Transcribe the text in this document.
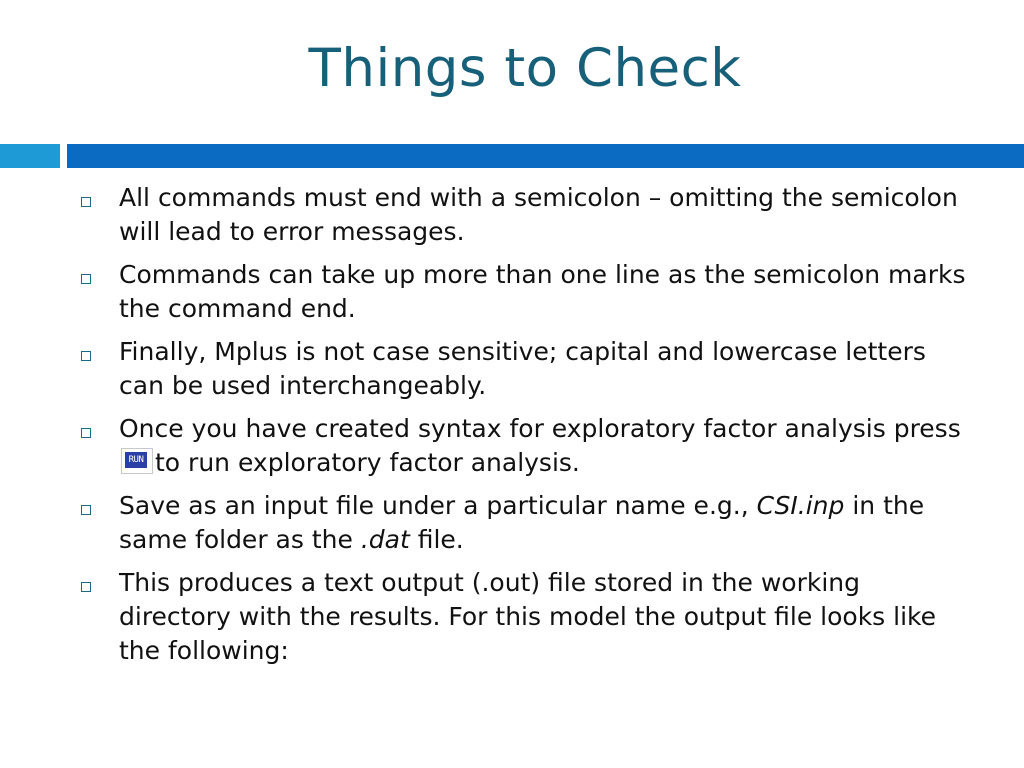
Things to Check
All commands must end with a semicolon – omitting the semicolon will lead to error messages.
Commands can take up more than one line as the semicolon marks the command end.
Finally, Mplus is not case sensitive; capital and lowercase letters can be used interchangeably.
Once you have created syntax for exploratory factor analysis press
RUN to run exploratory factor analysis.
Save as an input file under a particular name e.g., CSI.inp in the same folder as the .dat file.
This produces a text output (.out) file stored in the working directory with the results. For this model the output file looks like the following:
